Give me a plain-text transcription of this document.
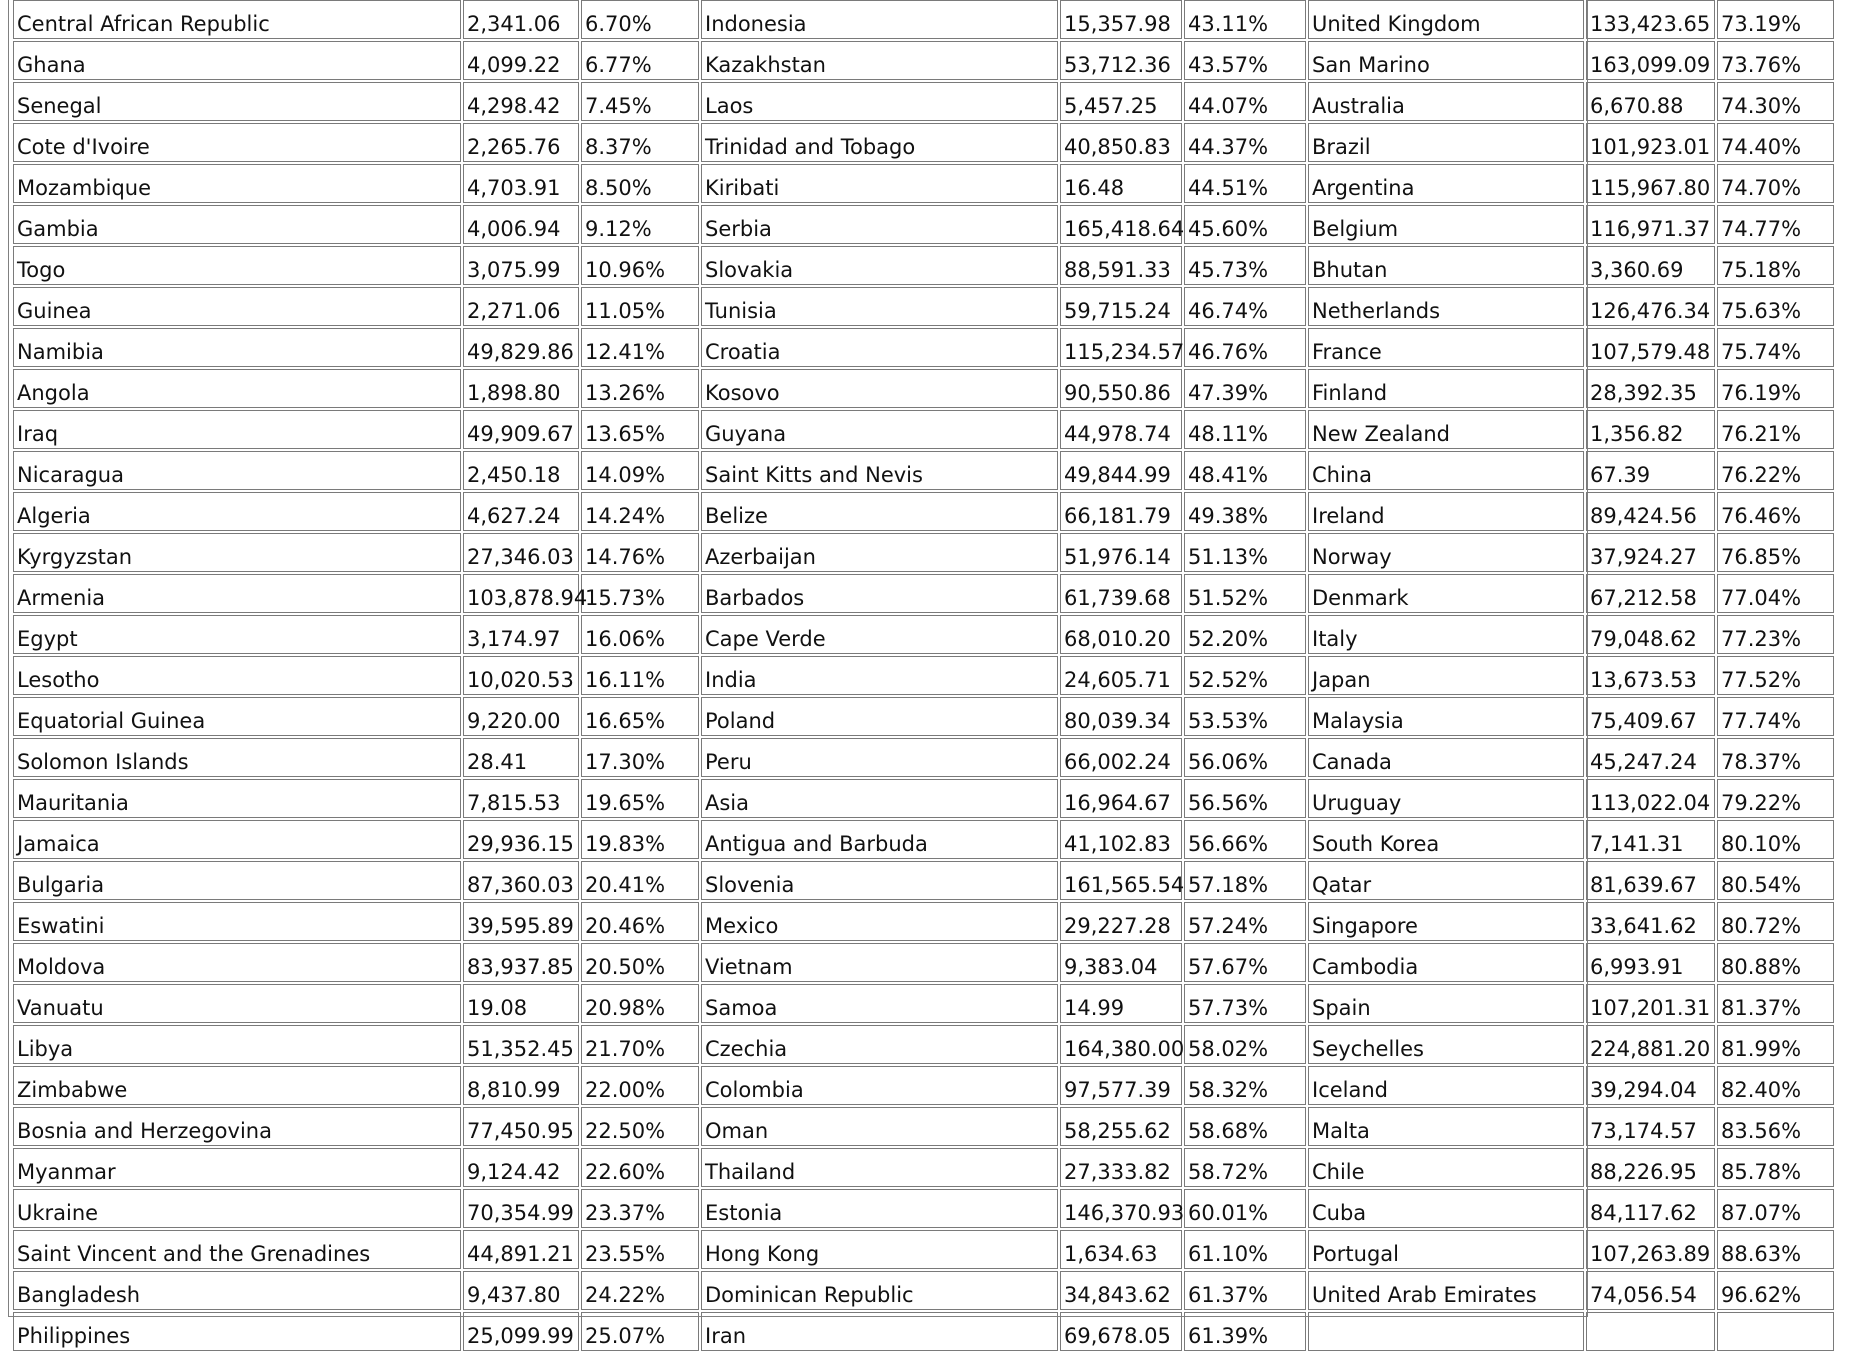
Central African Republic	2,341.06	6.70%	Indonesia	15,357.98	43.11%	United Kingdom	133,423.65	73.19%
Ghana	4,099.22	6.77%	Kazakhstan	53,712.36	43.57%	San Marino	163,099.09	73.76%
Senegal	4,298.42	7.45%	Laos	5,457.25	44.07%	Australia	6,670.88	74.30%
Cote d'Ivoire	2,265.76	8.37%	Trinidad and Tobago	40,850.83	44.37%	Brazil	101,923.01	74.40%
Mozambique	4,703.91	8.50%	Kiribati	16.48	44.51%	Argentina	115,967.80	74.70%
Gambia	4,006.94	9.12%	Serbia	165,418.64	45.60%	Belgium	116,971.37	74.77%
Togo	3,075.99	10.96%	Slovakia	88,591.33	45.73%	Bhutan	3,360.69	75.18%
Guinea	2,271.06	11.05%	Tunisia	59,715.24	46.74%	Netherlands	126,476.34	75.63%
Namibia	49,829.86	12.41%	Croatia	115,234.57	46.76%	France	107,579.48	75.74%
Angola	1,898.80	13.26%	Kosovo	90,550.86	47.39%	Finland	28,392.35	76.19%
Iraq	49,909.67	13.65%	Guyana	44,978.74	48.11%	New Zealand	1,356.82	76.21%
Nicaragua	2,450.18	14.09%	Saint Kitts and Nevis	49,844.99	48.41%	China	67.39	76.22%
Algeria	4,627.24	14.24%	Belize	66,181.79	49.38%	Ireland	89,424.56	76.46%
Kyrgyzstan	27,346.03	14.76%	Azerbaijan	51,976.14	51.13%	Norway	37,924.27	76.85%
Armenia	103,878.94	15.73%	Barbados	61,739.68	51.52%	Denmark	67,212.58	77.04%
Egypt	3,174.97	16.06%	Cape Verde	68,010.20	52.20%	Italy	79,048.62	77.23%
Lesotho	10,020.53	16.11%	India	24,605.71	52.52%	Japan	13,673.53	77.52%
Equatorial Guinea	9,220.00	16.65%	Poland	80,039.34	53.53%	Malaysia	75,409.67	77.74%
Solomon Islands	28.41	17.30%	Peru	66,002.24	56.06%	Canada	45,247.24	78.37%
Mauritania	7,815.53	19.65%	Asia	16,964.67	56.56%	Uruguay	113,022.04	79.22%
Jamaica	29,936.15	19.83%	Antigua and Barbuda	41,102.83	56.66%	South Korea	7,141.31	80.10%
Bulgaria	87,360.03	20.41%	Slovenia	161,565.54	57.18%	Qatar	81,639.67	80.54%
Eswatini	39,595.89	20.46%	Mexico	29,227.28	57.24%	Singapore	33,641.62	80.72%
Moldova	83,937.85	20.50%	Vietnam	9,383.04	57.67%	Cambodia	6,993.91	80.88%
Vanuatu	19.08	20.98%	Samoa	14.99	57.73%	Spain	107,201.31	81.37%
Libya	51,352.45	21.70%	Czechia	164,380.00	58.02%	Seychelles	224,881.20	81.99%
Zimbabwe	8,810.99	22.00%	Colombia	97,577.39	58.32%	Iceland	39,294.04	82.40%
Bosnia and Herzegovina	77,450.95	22.50%	Oman	58,255.62	58.68%	Malta	73,174.57	83.56%
Myanmar	9,124.42	22.60%	Thailand	27,333.82	58.72%	Chile	88,226.95	85.78%
Ukraine	70,354.99	23.37%	Estonia	146,370.93	60.01%	Cuba	84,117.62	87.07%
Saint Vincent and the Grenadines	44,891.21	23.55%	Hong Kong	1,634.63	61.10%	Portugal	107,263.89	88.63%
Bangladesh	9,437.80	24.22%	Dominican Republic	34,843.62	61.37%	United Arab Emirates	74,056.54	96.62%
Philippines	25,099.99	25.07%	Iran	69,678.05	61.39%			
